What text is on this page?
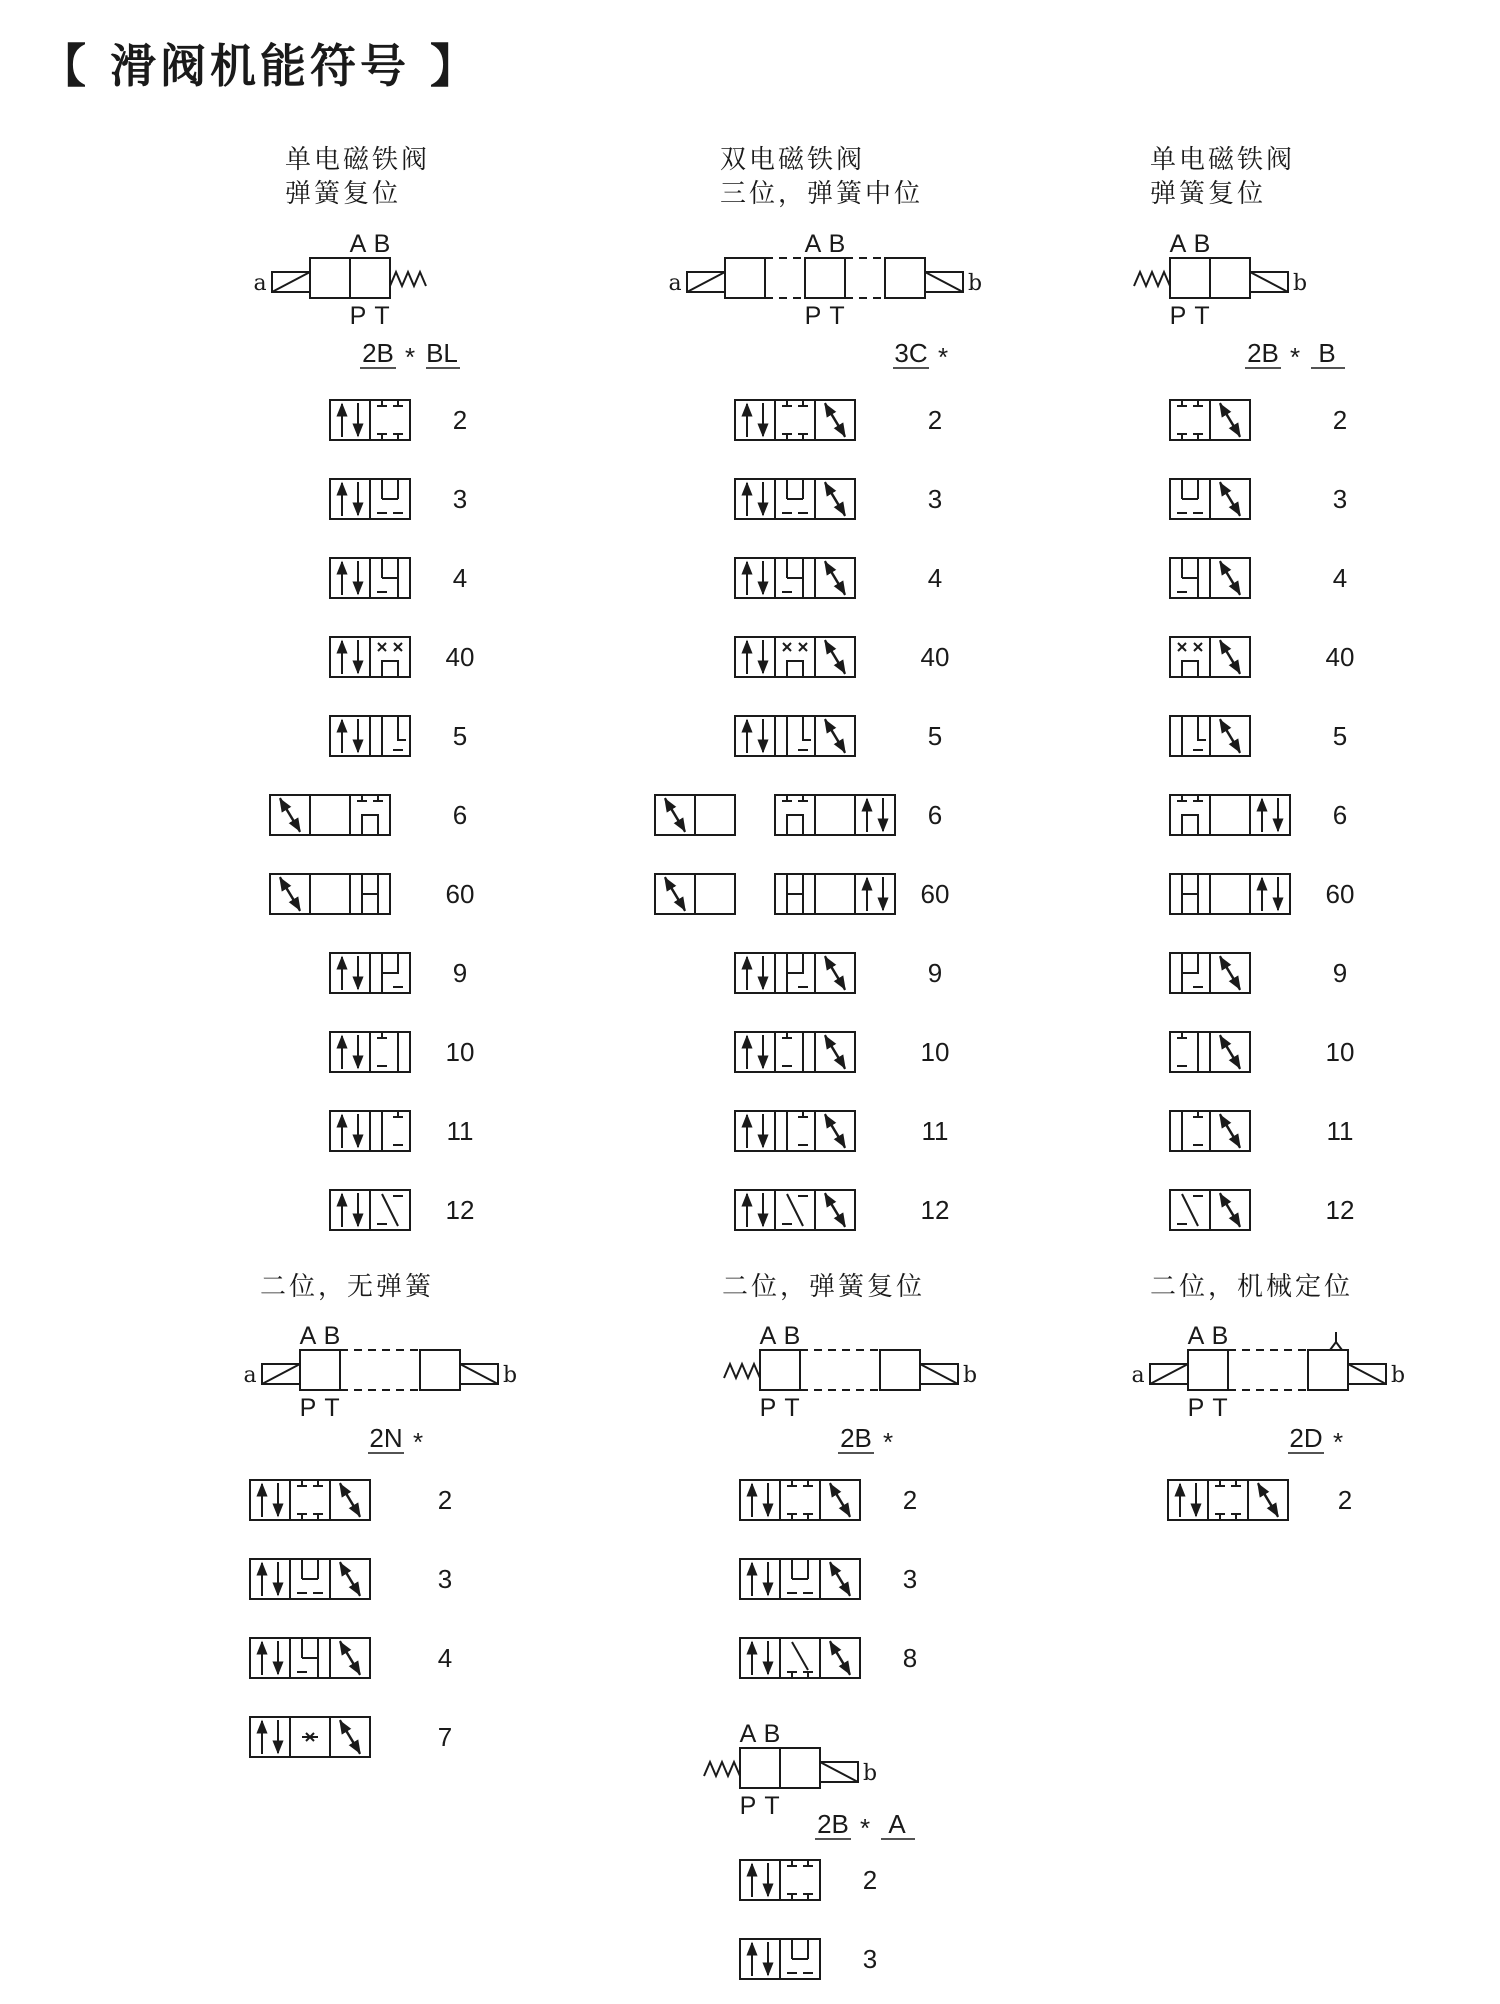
【 滑阀机能符号 】
单电磁铁阀
弹簧复位
A B
P T
a
2B * BL
2
3
4
40
5
6
60
9
10
11
12
双电磁铁阀
三位，弹簧中位
A B
P T
a	b
3C *
2
3
4
40
5
6
60
9
10
11
12
单电磁铁阀
弹簧复位
A B
P T
b
2B * B
2
3
4
40
5
6
60
9
10
11
12
二位，无弹簧
A B
P T
a	b
2N *
2
3
4
7
二位，弹簧复位
A B
P T
b
2B *
2
3
8
二位，机械定位
A B
P T
a	b
2D *
2
A B
P T
b
2B * A
2
3
